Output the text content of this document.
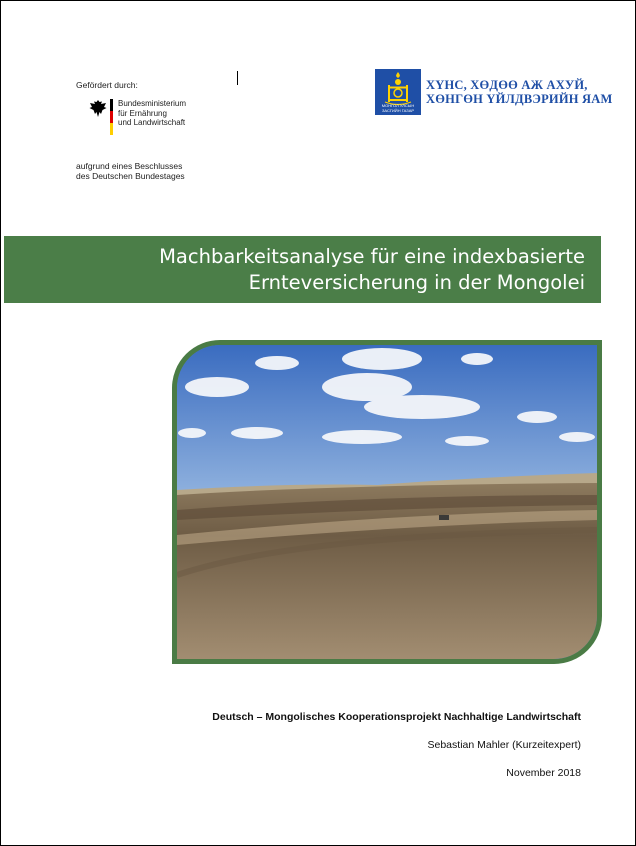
Gefördert durch:
Bundesministerium
für Ernährung
und Landwirtschaft
aufgrund eines Beschlusses
des Deutschen Bundestages
МОНГОЛ УЛСЫН
ЗАСГИЙН ГАЗАР
ХҮНС, ХӨДӨӨ АЖ АХУЙ,
ХӨНГӨН ҮЙЛДВЭРИЙН ЯАМ
Machbarkeitsanalyse für eine indexbasierte
Ernteversicherung in der Mongolei
Deutsch – Mongolisches Kooperationsprojekt Nachhaltige Landwirtschaft
Sebastian Mahler (Kurzeitexpert)
November 2018
